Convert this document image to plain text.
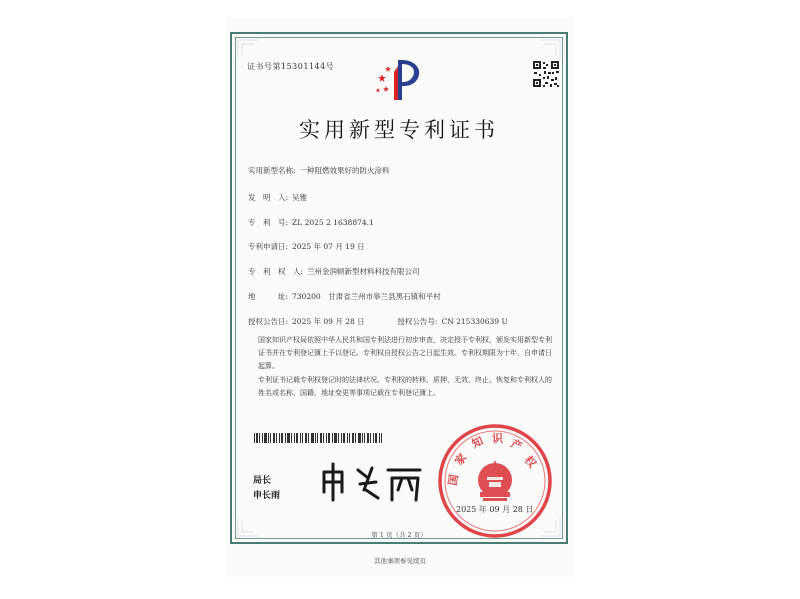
证书号第15301144号
实用新型专利证书
实用新型名称: 一种阻燃效果好的防火涂料
发　明　人: 吴雅
专　利　号: ZL 2025 2 1638874.1
专利申请日: 2025 年 07 月 19 日
专　利　权　人: 兰州金润顿新型材料科技有限公司
地　　　址: 730200　甘肃省兰州市皋兰县黑石镇和平村
授权公告日: 2025 年 09 月 28 日	授权公告号: CN 215330639 U
国家知识产权局依照中华人民共和国专利法进行初步审查，决定授予专利权，颁发实用新型专利证书并在专利登记簿上予以登记。专利权自授权公告之日起生效。专利权期限为十年，自申请日起算。
专利证书记载专利权登记时的法律状况。专利权的转移、质押、无效、终止、恢复和专利权人的姓名或名称、国籍、地址变更等事项记载在专利登记簿上。
局长
申长雨
家
知 识 产
权
国
2025 年 09 月 28 日
第 1 页（共 2 页）
其他事项参见续页
